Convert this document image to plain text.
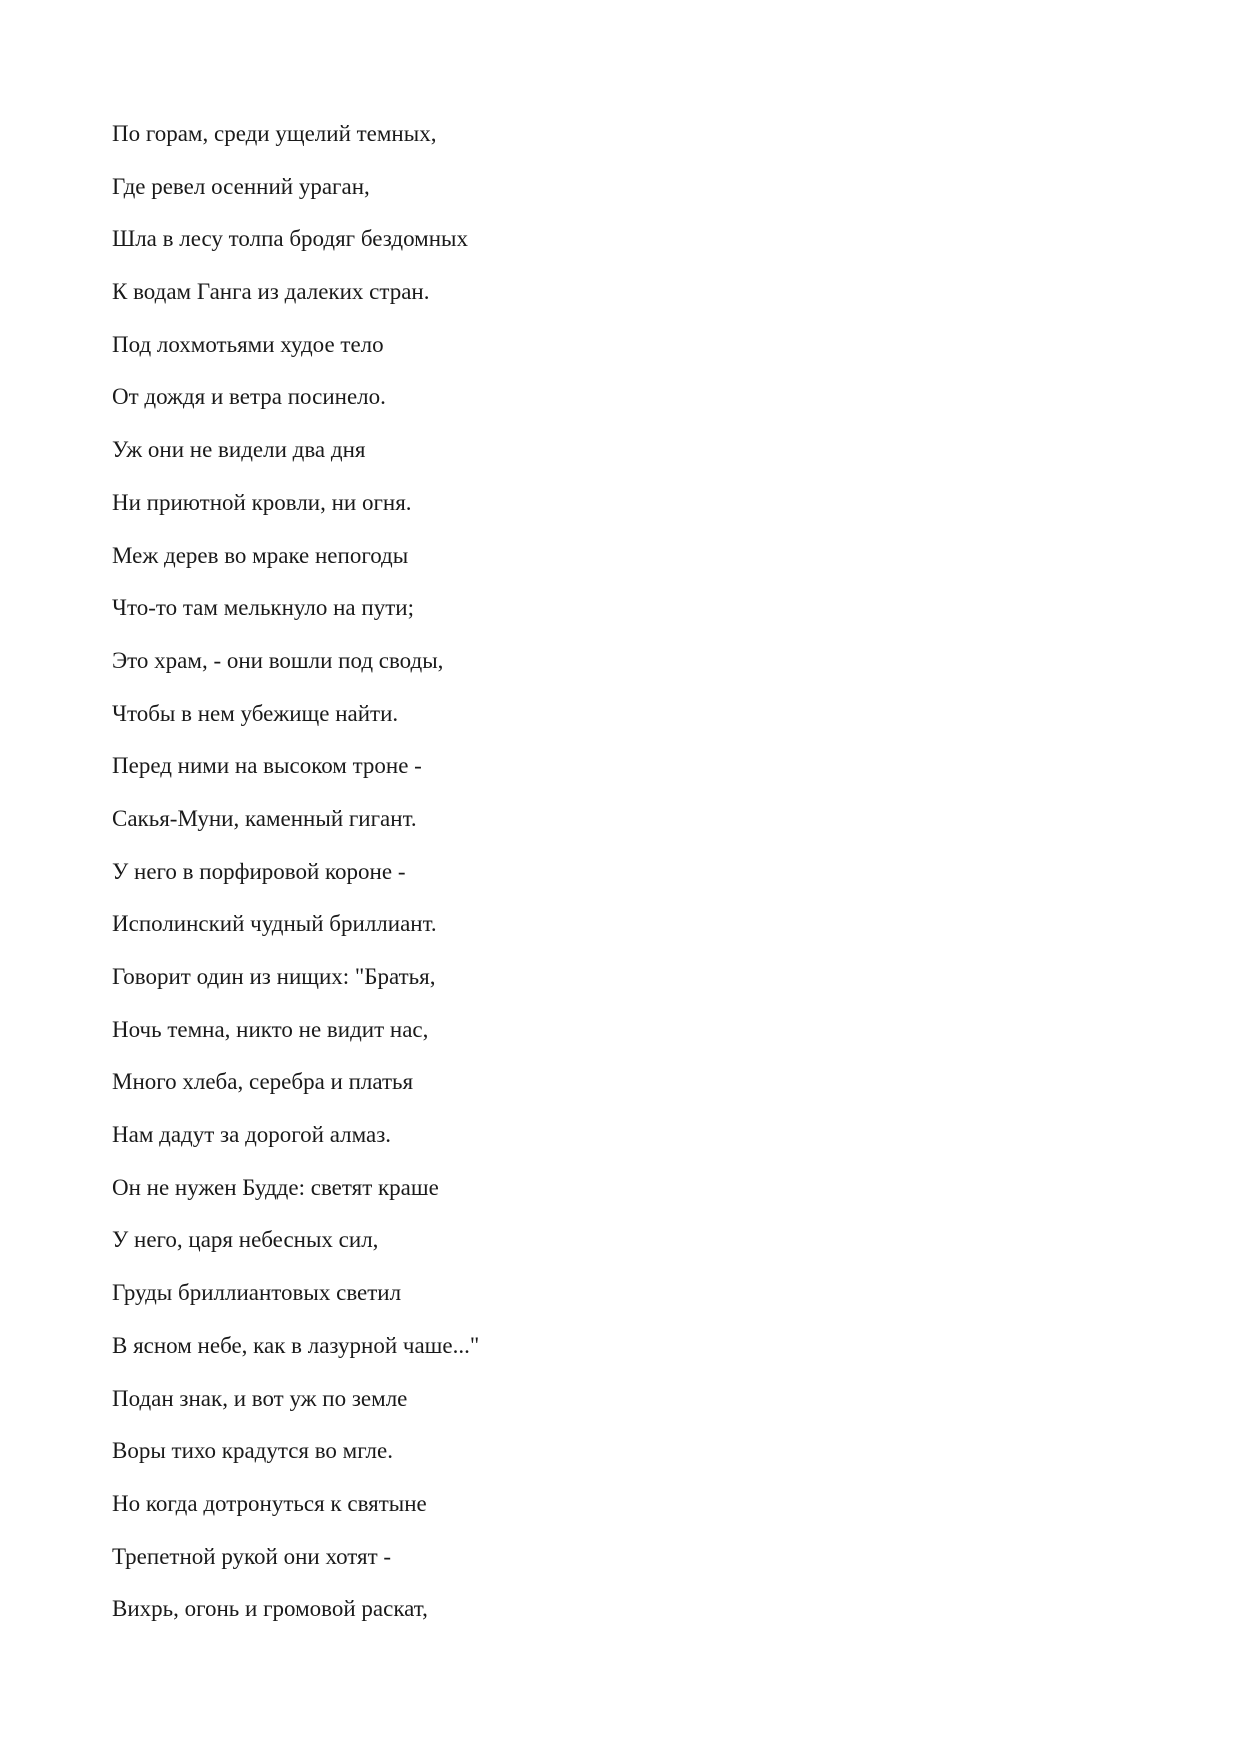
По горам, среди ущелий темных,
Где ревел осенний ураган,
Шла в лесу толпа бродяг бездомных
К водам Ганга из далеких стран.
Под лохмотьями худое тело
От дождя и ветра посинело.
Уж они не видели два дня
Ни приютной кровли, ни огня.
Меж дерев во мраке непогоды
Что-то там мелькнуло на пути;
Это храм, - они вошли под своды,
Чтобы в нем убежище найти.
Перед ними на высоком троне -
Сакья-Муни, каменный гигант.
У него в порфировой короне -
Исполинский чудный бриллиант.
Говорит один из нищих: "Братья,
Ночь темна, никто не видит нас,
Много хлеба, серебра и платья
Нам дадут за дорогой алмаз.
Он не нужен Будде: светят краше
У него, царя небесных сил,
Груды бриллиантовых светил
В ясном небе, как в лазурной чаше..."
Подан знак, и вот уж по земле
Воры тихо крадутся во мгле.
Но когда дотронуться к святыне
Трепетной рукой они хотят -
Вихрь, огонь и громовой раскат,
